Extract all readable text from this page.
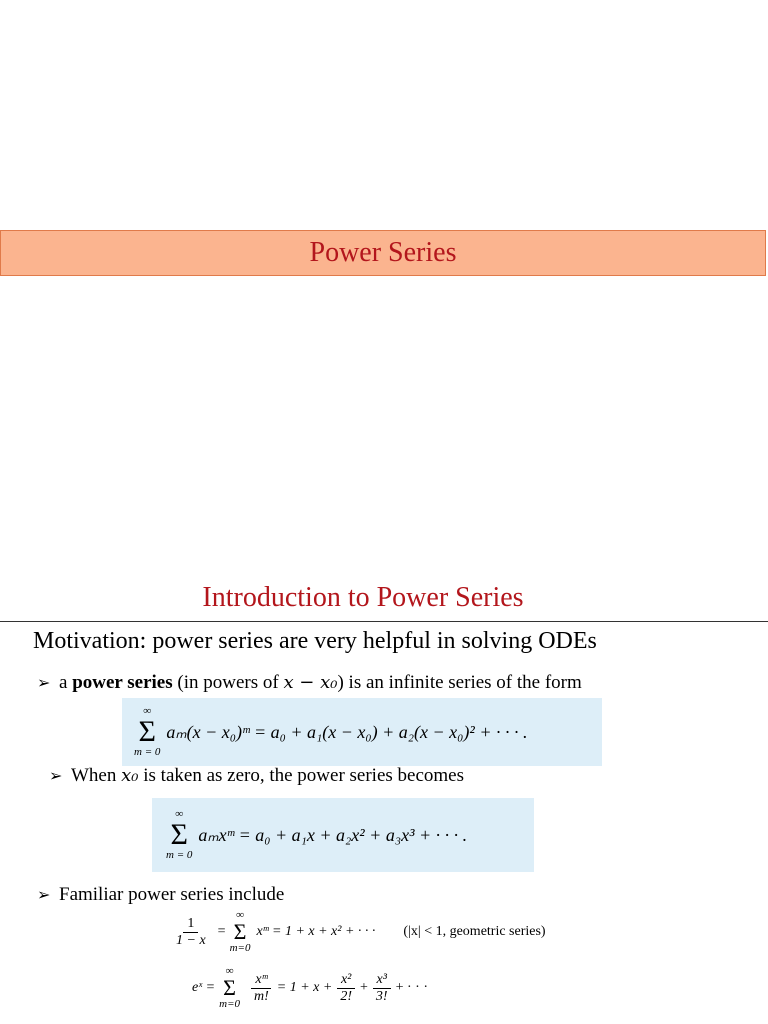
Power Series
Introduction to Power Series
Motivation: power series are very helpful in solving ODEs
➢ a power series (in powers of x − x₀) is an infinite series of the form
∞
Σ
m = 0
aₘ(x − x₀)ᵐ = a₀ + a₁(x − x₀) + a₂(x − x₀)² + · · · .
➢ When x₀ is taken as zero, the power series becomes
∞
Σ
m = 0
aₘxᵐ = a₀ + a₁x + a₂x² + a₃x³ + · · · .
➢ Familiar power series include
$\frac{1}{1 - x}$ =
∞
Σ
m=0
xᵐ = 1 + x + x² + · · · (|x| < 1, geometric series)
eˣ =
∞
Σ
m=0
$\frac{\text{xᵐ}}{m!} = 1 + x + \frac{\text{x²}}{2!} + \frac{\text{x³}}{3!}$ + · · ·
